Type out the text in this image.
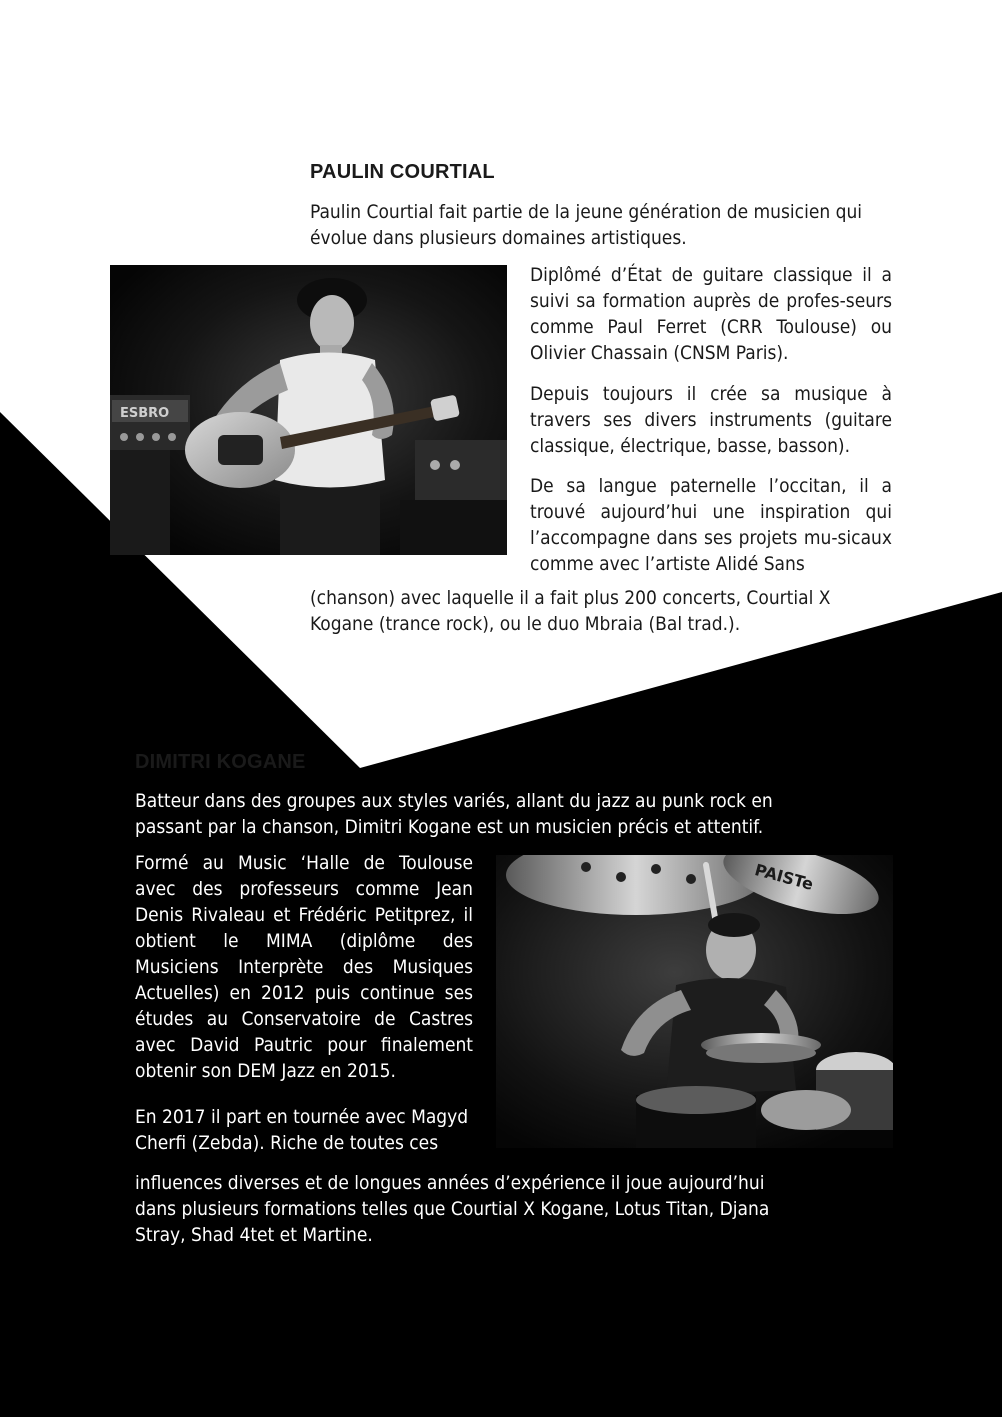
PAULIN COURTIAL

Paulin Courtial fait partie de la jeune génération de musicien qui évolue dans plusieurs domaines artistiques.

ESBRO

Diplômé d’État de guitare classique il a suivi sa formation auprès de profes-seurs comme Paul Ferret (CRR Toulouse) ou Olivier Chassain (CNSM Paris).

Depuis toujours il crée sa musique à travers ses divers instruments (guitare classique, électrique, basse, basson).

De sa langue paternelle l’occitan, il a trouvé aujourd’hui une inspiration qui l’accompagne dans ses projets mu-sicaux comme avec l’artiste Alidé Sans

(chanson) avec laquelle il a fait plus 200 concerts, Courtial X Kogane (trance rock), ou le duo Mbraia (Bal trad.).

DIMITRI KOGANE

Batteur dans des groupes aux styles variés, allant du jazz au punk rock en passant par la chanson, Dimitri Kogane est un musicien précis et attentif.

Formé au Music ‘Halle de Toulouse avec des professeurs comme Jean Denis Rivaleau et Frédéric Petitprez, il obtient le MIMA (diplôme des Musiciens Interprète des Musiques Actuelles) en 2012 puis continue ses études au Conservatoire de Castres avec David Pautric pour finalement obtenir son DEM Jazz en 2015.

PAISTe

En 2017 il part en tournée avec Magyd Cherfi (Zebda). Riche de toutes ces

influences diverses et de longues années d’expérience il joue aujourd’hui dans plusieurs formations telles que Courtial X Kogane, Lotus Titan, Djana Stray, Shad 4tet et Martine.
